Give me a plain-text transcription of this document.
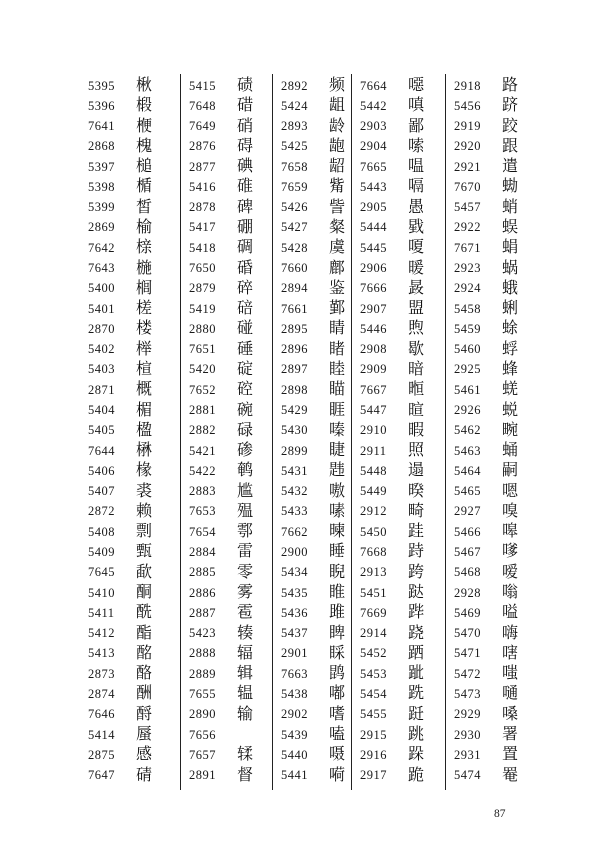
5395	楸
5396	椴
7641	楩
2868	槐
5397	槌
5398	楯
5399	皙
2869	榆
7642	榇
7643	椸
5400	榈
5401	槎
2870	楼
5402	榉
5403	楦
2871	概
5404	楣
5405	楹
7644	楙
5406	椽
5407	裘
2872	赖
5408	剽
5409	甄
7645	歃
5410	酮
5411	酰
5412	酯
5413	酩
2873	酪
2874	酬
7646	酹
5414	蜃
2875	感
7647	碃
5415	碛
7648	碏
7649	硝
2876	碍
2877	碘
5416	碓
2878	碑
5417	硼
5418	碉
7650	碈
2879	碎
5419	碚
2880	碰
7651	硾
5420	碇
7652	硿
2881	碗
2882	碌
5421	碜
5422	鹌
2883	尴
7653	殟
7654	鄠
2884	雷
2885	零
2886	雾
2887	雹
5423	辏
2888	辐
2889	辑
7655	辒
2890	输
7656	𫐗
7657	𫐓
2891	督
2892	频
5424	龃
2893	龄
5425	龅
7658	龆
7659	觜
5426	訾
5427	粲
5428	虞
7660	鄜
2894	鉴
7661	鄞
2895	睛
2896	睹
2897	睦
2898	瞄
5429	睚
5430	嗪
2899	睫
5431	韪
5432	嗷
5433	嗉
7662	暕
2900	睡
5434	睨
5435	睢
5436	雎
5437	睥
2901	睬
7663	鹍
5438	嘟
2902	嗜
5439	嗑
5440	嗫
5441	嗬
7664	噁
5442	嗔
2903	鄙
2904	嗦
7665	嗢
5443	嗝
2905	愚
5444	戥
5445	嗄
2906	暖
7666	晸
2907	盟
5446	煦
2908	歇
2909	暗
7667	暅
5447	暄
2910	暇
2911	照
5448	遢
5449	暌
2912	畸
5450	跬
7668	跱
2913	跨
5451	跶
7669	跸
2914	跷
5452	跴
5453	跐
5454	跣
5455	跹
2915	跳
2916	跺
2917	跪
2918	路
5456	跻
2919	跤
2920	跟
2921	遣
7670	蜐
5457	蛸
2922	蜈
7671	蜎
2923	蜗
2924	蛾
5458	蜊
5459	蜍
5460	蜉
2925	蜂
5461	蜣
2926	蜕
5462	畹
5463	蛹
5464	嗣
5465	嗯
2927	嗅
5466	嗥
5467	嗲
5468	嗳
2928	嗡
5469	嗌
5470	嗨
5471	嗐
5472	嗤
5473	嗵
2929	嗓
2930	署
2931	置
5474	罨
87
